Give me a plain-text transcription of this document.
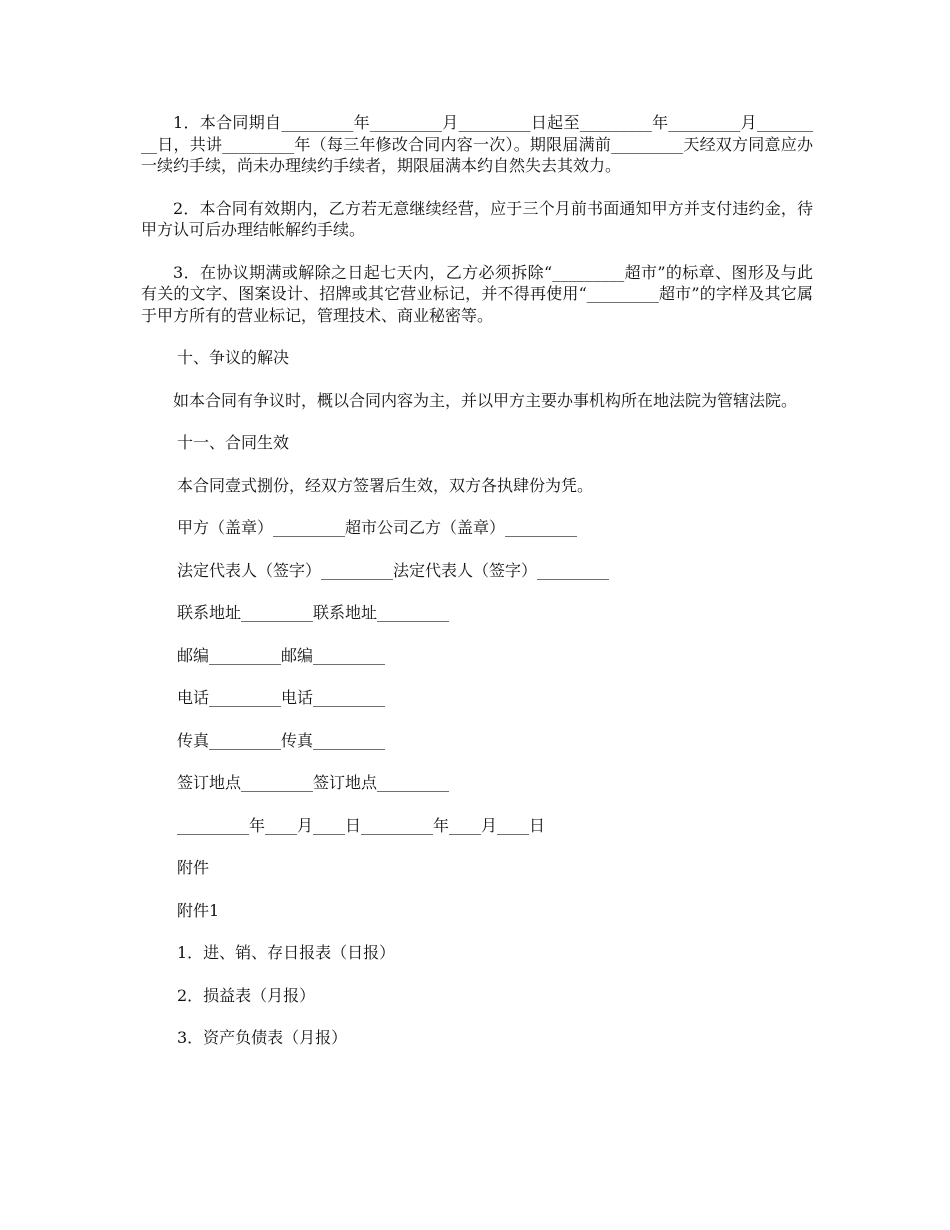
1．本合同期自_________年_________月_________日起至_________年_________月_________日，共讲_________年（每三年修改合同内容一次）。期限届满前_________天经双方同意应办一续约手续，尚未办理续约手续者，期限届满本约自然失去其效力。

2．本合同有效期内，乙方若无意继续经营，应于三个月前书面通知甲方并支付违约金，待甲方认可后办理结帐解约手续。

3．在协议期满或解除之日起七天内，乙方必须拆除“_________超市”的标章、图形及与此有关的文字、图案设计、招牌或其它营业标记，并不得再使用“_________超市”的字样及其它属于甲方所有的营业标记，管理技术、商业秘密等。

十、争议的解决

如本合同有争议时，概以合同内容为主，并以甲方主要办事机构所在地法院为管辖法院。

十一、合同生效

本合同壹式捌份，经双方签署后生效，双方各执肆份为凭。

甲方（盖章）_________超市公司乙方（盖章）_________

法定代表人（签字）_________法定代表人（签字）_________

联系地址_________联系地址_________

邮编_________邮编_________

电话_________电话_________

传真_________传真_________

签订地点_________签订地点_________

_________年____月____日_________年____月____日

附件

附件1

1．进、销、存日报表（日报）

2．损益表（月报）

3．资产负债表（月报）
